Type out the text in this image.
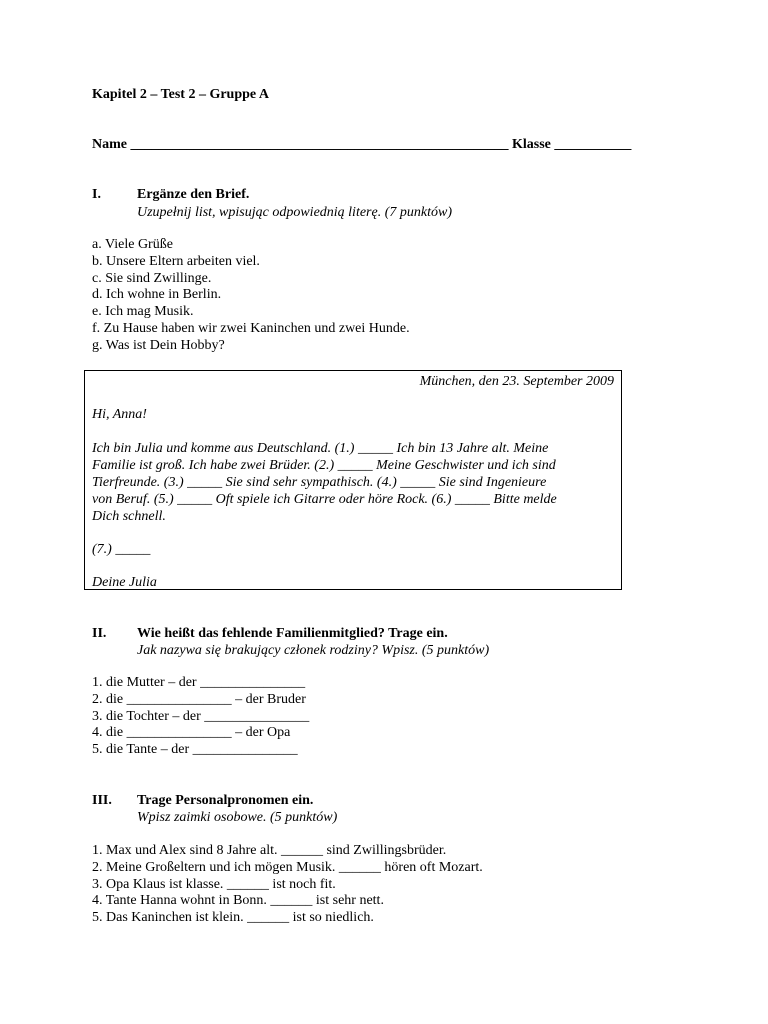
Kapitel 2 – Test 2 – Gruppe A
Name ______________________________________________________ Klasse ___________
I.	Ergänze den Brief.
Uzupełnij list, wpisując odpowiednią literę. (7 punktów)
a. Viele Grüße
b. Unsere Eltern arbeiten viel.
c. Sie sind Zwillinge.
d. Ich wohne in Berlin.
e. Ich mag Musik.
f. Zu Hause haben wir zwei Kaninchen und zwei Hunde.
g. Was ist Dein Hobby?
München, den 23. September 2009
Hi, Anna!
Ich bin Julia und komme aus Deutschland. (1.) _____ Ich bin 13 Jahre alt. Meine
Familie ist groß. Ich habe zwei Brüder. (2.) _____ Meine Geschwister und ich sind
Tierfreunde. (3.) _____ Sie sind sehr sympathisch. (4.) _____ Sie sind Ingenieure
von Beruf. (5.) _____ Oft spiele ich Gitarre oder höre Rock. (6.) _____ Bitte melde
Dich schnell.
(7.) _____
Deine Julia
II. Wie heißt das fehlende Familienmitglied? Trage ein.
Jak nazywa się brakujący członek rodziny? Wpisz. (5 punktów)
1. die Mutter – der _______________
2. die _______________ – der Bruder
3. die Tochter – der _______________
4. die _______________ – der Opa
5. die Tante – der _______________
III. Trage Personalpronomen ein.
Wpisz zaimki osobowe. (5 punktów)
1. Max und Alex sind 8 Jahre alt. ______ sind Zwillingsbrüder.
2. Meine Großeltern und ich mögen Musik. ______ hören oft Mozart.
3. Opa Klaus ist klasse. ______ ist noch fit.
4. Tante Hanna wohnt in Bonn. ______ ist sehr nett.
5. Das Kaninchen ist klein. ______ ist so niedlich.
